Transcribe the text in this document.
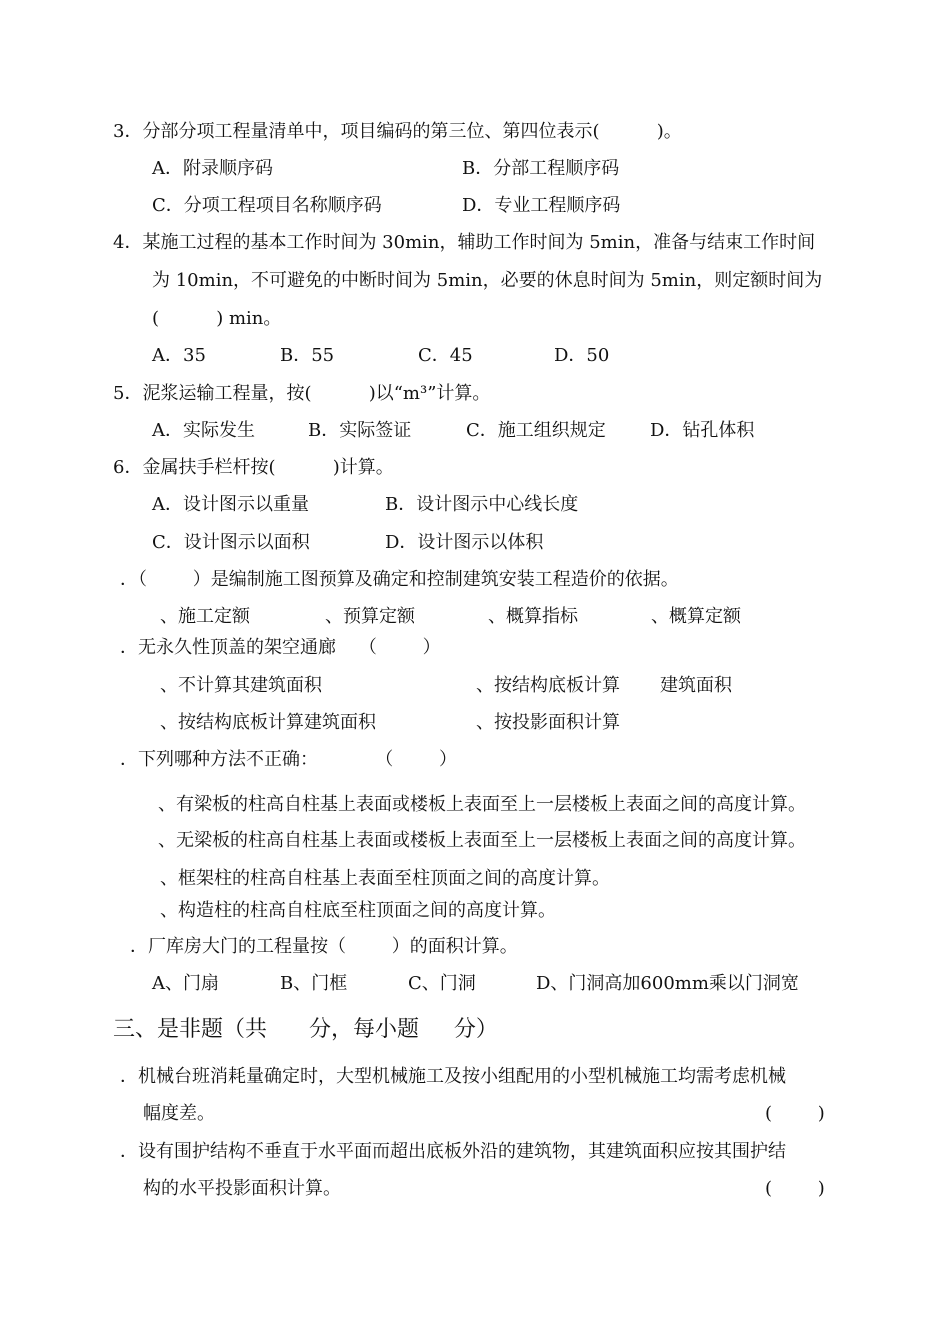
3．分部分项工程量清单中，项目编码的第三位、第四位表示(          )。
A．附录顺序码	B．分部工程顺序码
C．分项工程项目名称顺序码	D．专业工程顺序码
4．某施工过程的基本工作时间为 30min，辅助工作时间为 5min，准备与结束工作时间
为 10min，不可避免的中断时间为 5min，必要的休息时间为 5min，则定额时间为
(          ) min。
A．35	B．55	C．45	D．50
5．泥浆运输工程量，按(          )以“m³”计算。
A．实际发生	B．实际签证	C．施工组织规定 D．钻孔体积
6．金属扶手栏杆按(          )计算。
A．设计图示以重量	B．设计图示中心线长度
C．设计图示以面积	D．设计图示以体积
．（        ）是编制施工图预算及确定和控制建筑安装工程造价的依据。
、施工定额	、预算定额	、概算指标	、概算定额
．无永久性顶盖的架空通廊    （        ）
、不计算其建筑面积	、按结构底板计算 建筑面积
、按结构底板计算建筑面积	、按投影面积计算
．下列哪种方法不正确：          （        ）
、有梁板的柱高自柱基上表面或楼板上表面至上一层楼板上表面之间的高度计算。
、无梁板的柱高自柱基上表面或楼板上表面至上一层楼板上表面之间的高度计算。
、框架柱的柱高自柱基上表面至柱顶面之间的高度计算。
、构造柱的柱高自柱底至柱顶面之间的高度计算。
．厂库房大门的工程量按（        ）的面积计算。
A、门扇	B、门框	C、门洞	D、门洞高加600mm乘以门洞宽
三、是非题（共      分，每小题     分）
．机械台班消耗量确定时，大型机械施工及按小组配用的小型机械施工均需考虑机械
幅度差。	(        )
．设有围护结构不垂直于水平面而超出底板外沿的建筑物，其建筑面积应按其围护结
构的水平投影面积计算。	(        )
